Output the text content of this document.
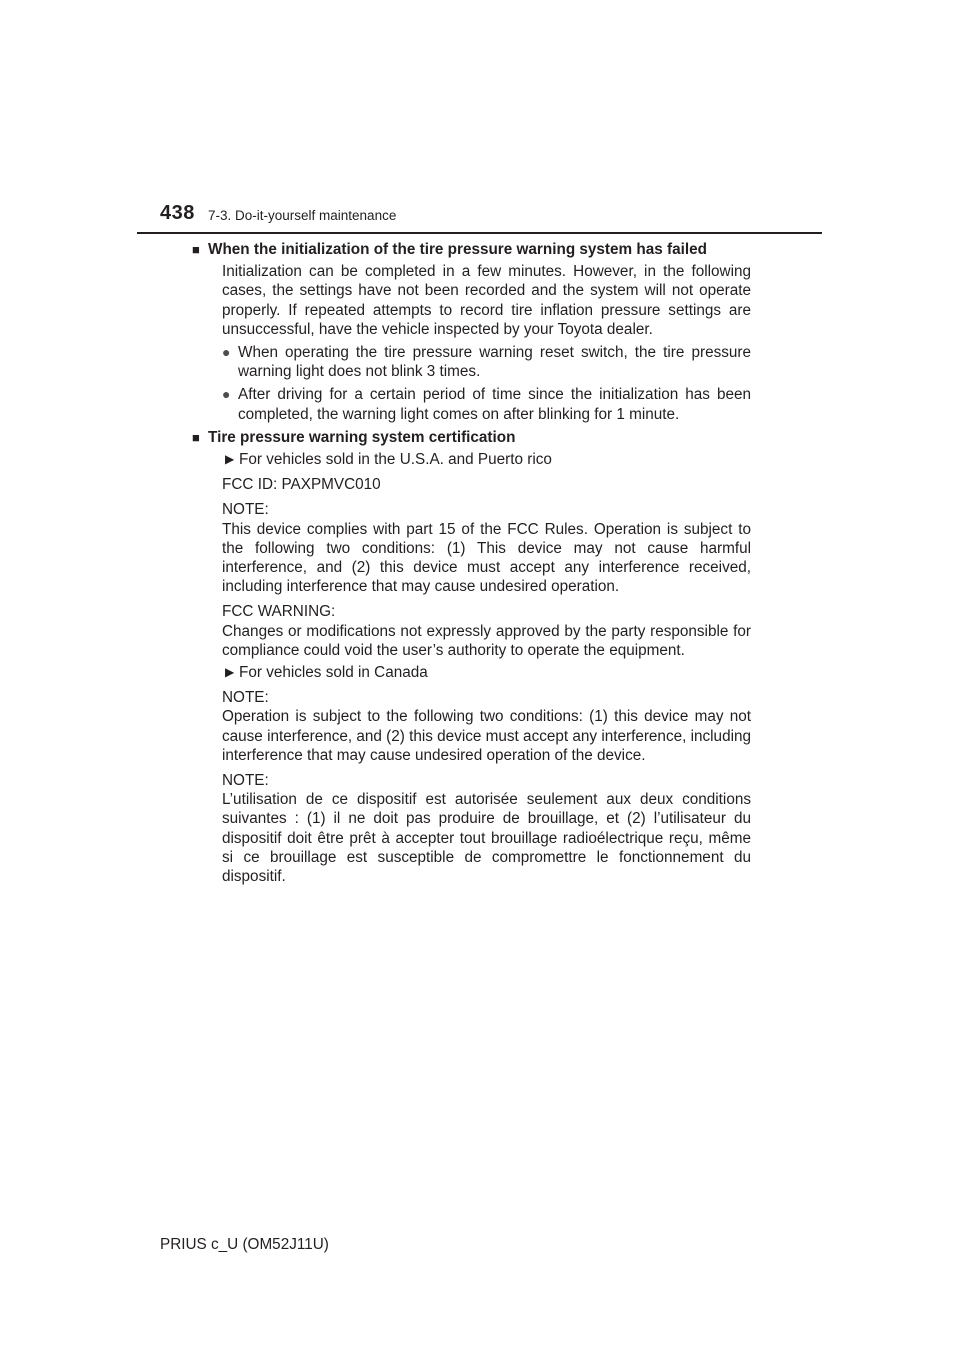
438 7-3. Do-it-yourself maintenance

■ When the initialization of the tire pressure warning system has failed

Initialization can be completed in a few minutes. However, in the following cases, the settings have not been recorded and the system will not operate properly. If repeated attempts to record tire inflation pressure settings are unsuccessful, have the vehicle inspected by your Toyota dealer.

● When operating the tire pressure warning reset switch, the tire pressure warning light does not blink 3 times.

● After driving for a certain period of time since the initialization has been completed, the warning light comes on after blinking for 1 minute.

■ Tire pressure warning system certification

▶ For vehicles sold in the U.S.A. and Puerto rico

FCC ID: PAXPMVC010

NOTE:
This device complies with part 15 of the FCC Rules. Operation is subject to the following two conditions: (1) This device may not cause harmful interference, and (2) this device must accept any interference received, including interference that may cause undesired operation.

FCC WARNING:
Changes or modifications not expressly approved by the party responsible for compliance could void the user’s authority to operate the equipment.

▶ For vehicles sold in Canada

NOTE:
Operation is subject to the following two conditions: (1) this device may not cause interference, and (2) this device must accept any interference, including interference that may cause undesired operation of the device.

NOTE:
L’utilisation de ce dispositif est autorisée seulement aux deux conditions suivantes : (1) il ne doit pas produire de brouillage, et (2) l’utilisateur du dispositif doit être prêt à accepter tout brouillage radioélectrique reçu, même si ce brouillage est susceptible de compromettre le fonctionnement du dispositif.

PRIUS c_U (OM52J11U)
